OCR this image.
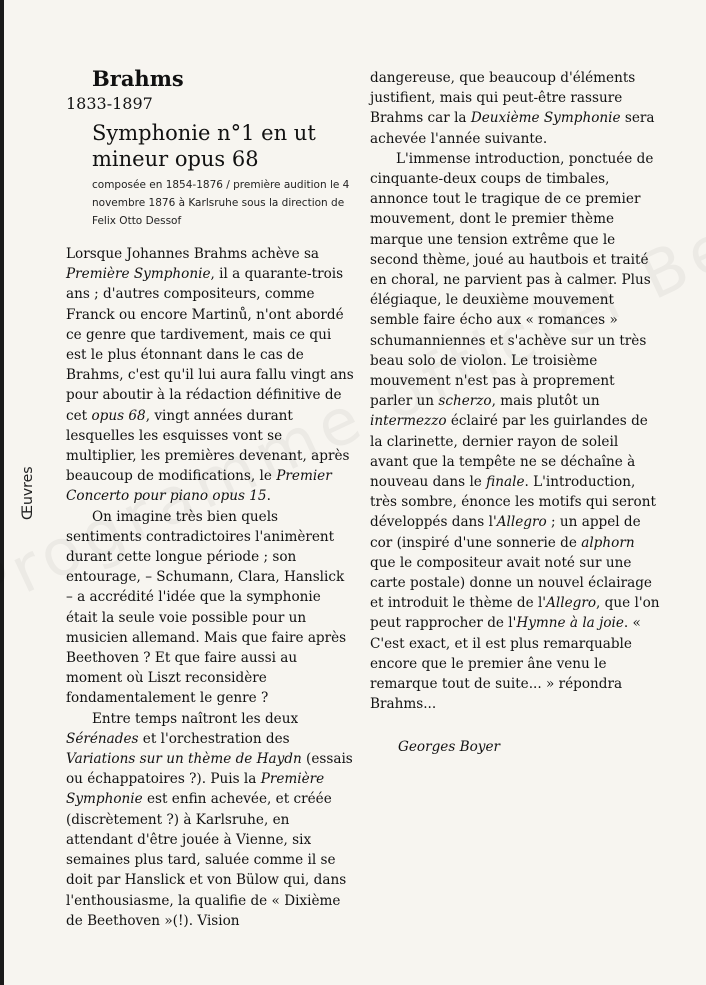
Œuvres
Brahms
1833-1897
Symphonie n°1 en ut
mineur opus 68
composée en 1854-1876 / première audition le 4 novembre 1876 à Karlsruhe sous la direction de Felix Otto Dessof

Lorsque Johannes Brahms achève sa Première Symphonie, il a quarante-trois ans ; d'autres compositeurs, comme Franck ou encore Martinů, n'ont abordé ce genre que tardivement, mais ce qui est le plus étonnant dans le cas de Brahms, c'est qu'il lui aura fallu vingt ans pour aboutir à la rédaction définitive de cet opus 68, vingt années durant lesquelles les esquisses vont se multiplier, les premières devenant, après beaucoup de modifications, le Premier Concerto pour piano opus 15.

On imagine très bien quels sentiments contradictoires l'animèrent durant cette longue période ; son entourage, – Schumann, Clara, Hanslick – a accrédité l'idée que la symphonie était la seule voie possible pour un musicien allemand. Mais que faire après Beethoven ? Et que faire aussi au moment où Liszt reconsidère fondamentalement le genre ?

Entre temps naîtront les deux Sérénades et l'orchestration des Variations sur un thème de Haydn (essais ou échappatoires ?). Puis la Première Symphonie est enfin achevée, et créée (discrètement ?) à Karlsruhe, en attendant d'être jouée à Vienne, six semaines plus tard, saluée comme il se doit par Hanslick et von Bülow qui, dans l'enthousiasme, la qualifie de « Dixième de Beethoven »(!). Vision

dangereuse, que beaucoup d'éléments justifient, mais qui peut-être rassure Brahms car la Deuxième Symphonie sera achevée l'année suivante.

L'immense introduction, ponctuée de cinquante-deux coups de timbales, annonce tout le tragique de ce premier mouvement, dont le premier thème marque une tension extrême que le second thème, joué au hautbois et traité en choral, ne parvient pas à calmer. Plus élégiaque, le deuxième mouvement semble faire écho aux « romances » schumanniennes et s'achève sur un très beau solo de violon. Le troisième mouvement n'est pas à proprement parler un scherzo, mais plutôt un intermezzo éclairé par les guirlandes de la clarinette, dernier rayon de soleil avant que la tempête ne se déchaîne à nouveau dans le finale. L'introduction, très sombre, énonce les motifs qui seront développés dans l'Allegro ; un appel de cor (inspiré d'une sonnerie de alphorn que le compositeur avait noté sur une carte postale) donne un nouvel éclairage et introduit le thème de l'Allegro, que l'on peut rapprocher de l'Hymne à la joie. « C'est exact, et il est plus remarquable encore que le premier âne venu le remarque tout de suite... » répondra Brahms...

Georges Boyer
